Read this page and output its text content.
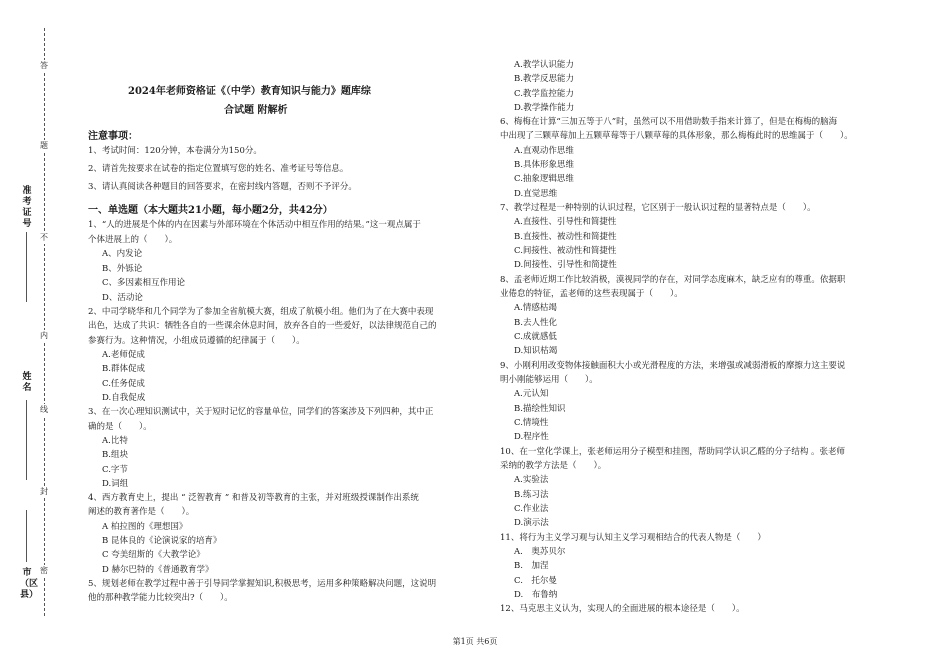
答
题
不
内
线
封
密
准考证号
姓名
市（区县）
2024年老师资格证《（中学）教育知识与能力》题库综
合试题 附解析
注意事项：
1、考试时间：120分钟，本卷满分为150分。
2、请首先按要求在试卷的指定位置填写您的姓名、准考证号等信息。
3、请认真阅读各种题目的回答要求，在密封线内答题，否则不予评分。
一、单选题（本大题共21小题，每小题2分，共42分）
1、“人的进展是个体的内在因素与外部环境在个体活动中相互作用的结果。”这一观点属于
个体进展上的（　　）。
A、内发论
B、外铄论
C、多因素相互作用论
D、活动论
2、中司学晓华和几个同学为了参加全省航模大赛，组成了航模小组。他们为了在大赛中表现
出色，达成了共识：牺牲各自的一些课余休息时间，放弃各自的一些爱好，以法律规范自己的
参赛行为。这种情况，小组成员遵循的纪律属于（　　）。
A.老师促成
B.群体促成
C.任务促成
D.自我促成
3、在一次心理知识测试中，关于短时记忆的容量单位，同学们的答案涉及下列四种，其中正
确的是（　　）。
A.比特
B.组块
C.字节
D.词组
4、西方教育史上，提出 “ 泛智教育 ” 和普及初等教育的主张，并对班级授课制作出系统
阐述的教育著作是（　　）。
A 柏拉图的《理想国》
B 昆体良的《论演说家的培育》
C 夸美纽斯的《大教学论》
D 赫尔巴特的《普通教育学》
5、规划老师在教学过程中善于引导同学掌握知识,积极思考，运用多种策略解决问题，这说明
他的那种教学能力比较突出?（　　）。
A.教学认识能力
B.教学反思能力
C.教学监控能力
D.教学操作能力
6、梅梅在计算“三加五等于八”时，虽然可以不用借助数手指来计算了，但是在梅梅的脑海
中出现了三颗草莓加上五颗草莓等于八颗草莓的具体形象，那么梅梅此时的思维属于（　　）。
A.直观动作思维
B.具体形象思维
C.抽象逻辑思维
D.直觉思维
7、教学过程是一种特别的认识过程，它区别于一般认识过程的显著特点是（　　）。
A.直接性、引导性和简捷性
B.直接性、被动性和简捷性
C.间接性、被动性和简捷性
D.间接性、引导性和简捷性
8、孟老师近期工作比较消极，漠视同学的存在，对同学态度麻木，缺乏应有的尊重。依据职
业倦怠的特征，孟老师的这些表现属于（　　）。
A.情感枯竭
B.去人性化
C.成就感低
D.知识枯竭
9、小刚利用改变物体接触面积大小或光滑程度的方法，来增强或减弱滑板的摩擦力这主要说
明小刚能够运用（　　）。
A.元认知
B.描绘性知识
C.情境性
D.程序性
10、在一堂化学课上，张老师运用分子模型和挂图，帮助同学认识乙醛的分子结构 。张老师
采纳的教学方法是（　　）。
A.实验法
B.练习法
C.作业法
D.演示法
11、将行为主义学习观与认知主义学习观相结合的代表人物是（　　）
A.　奥苏贝尔
B.　加涅
C.　托尔曼
D.　布鲁纳
12、马克思主义认为，实现人的全面进展的根本途径是（　　）。
第1页 共6页
